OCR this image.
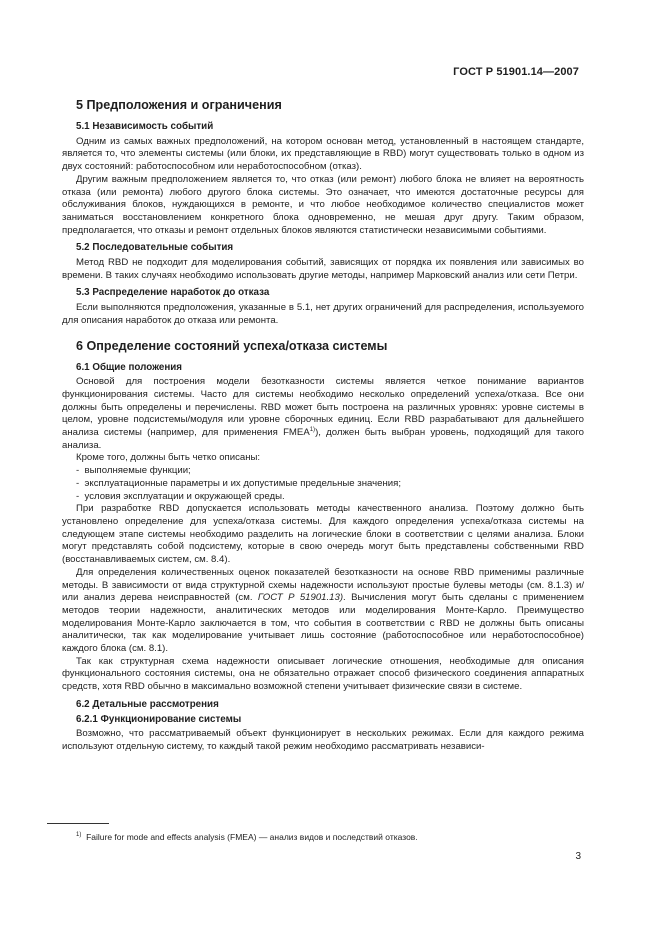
ГОСТ Р 51901.14—2007
5 Предположения и ограничения
5.1 Независимость событий

Одним из самых важных предположений, на котором основан метод, установленный в настоящем стандарте, является то, что элементы системы (или блоки, их представляющие в RBD) могут существовать только в одном из двух состояний: работоспособном или неработоспособном (отказ).

Другим важным предположением является то, что отказ (или ремонт) любого блока не влияет на вероятность отказа (или ремонта) любого другого блока системы. Это означает, что имеются достаточные ресурсы для обслуживания блоков, нуждающихся в ремонте, и что любое необходимое количество специалистов может заниматься восстановлением конкретного блока одновременно, не мешая друг другу. Таким образом, предполагается, что отказы и ремонт отдельных блоков являются статистически независимыми событиями.

5.2 Последовательные события

Метод RBD не подходит для моделирования событий, зависящих от порядка их появления или зависимых во времени. В таких случаях необходимо использовать другие методы, например Марковский анализ или сети Петри.

5.3 Распределение наработок до отказа

Если выполняются предположения, указанные в 5.1, нет других ограничений для распределения, используемого для описания наработок до отказа или ремонта.

6 Определение состояний успеха/отказа системы
6.1 Общие положения

Основой для построения модели безотказности системы является четкое понимание вариантов функционирования системы. Часто для системы необходимо несколько определений успеха/отказа. Все они должны быть определены и перечислены. RBD может быть построена на различных уровнях: уровне системы в целом, уровне подсистемы/модуля или уровне сборочных единиц. Если RBD разрабатывают для дальнейшего анализа системы (например, для применения FMEA$^{1)}$), должен быть выбран уровень, подходящий для такого анализа.

Кроме того, должны быть четко описаны:

-  выполняемые функции;
-  эксплуатационные параметры и их допустимые предельные значения;
-  условия эксплуатации и окружающей среды.

При разработке RBD допускается использовать методы качественного анализа. Поэтому должно быть установлено определение для успеха/отказа системы. Для каждого определения успеха/отказа системы на следующем этапе системы необходимо разделить на логические блоки в соответствии с целями анализа. Блоки могут представлять собой подсистему, которые в свою очередь могут быть представлены собственными RBD (восстанавливаемых систем, см. 8.4).

Для определения количественных оценок показателей безотказности на основе RBD применимы различные методы. В зависимости от вида структурной схемы надежности используют простые булевы методы (см. 8.1.3) и/или анализ дерева неисправностей (см. ГОСТ Р 51901.13). Вычисления могут быть сделаны с применением методов теории надежности, аналитических методов или моделирования Монте-Карло. Преимущество моделирования Монте-Карло заключается в том, что события в соответствии с RBD не должны быть описаны аналитически, так как моделирование учитывает лишь состояние (работоспособное или неработоспособное) каждого блока (см. 8.1).

Так как структурная схема надежности описывает логические отношения, необходимые для описания функционального состояния системы, она не обязательно отражает способ физического соединения аппаратных средств, хотя RBD обычно в максимально возможной степени учитывает физические связи в системе.

6.2 Детальные рассмотрения
6.2.1 Функционирование системы

Возможно, что рассматриваемый объект функционирует в нескольких режимах. Если для каждого режима используют отдельную систему, то каждый такой режим необходимо рассматривать независи-

$^{1)}$ Failure for mode and effects analysis (FMEA) — анализ видов и последствий отказов.
3
